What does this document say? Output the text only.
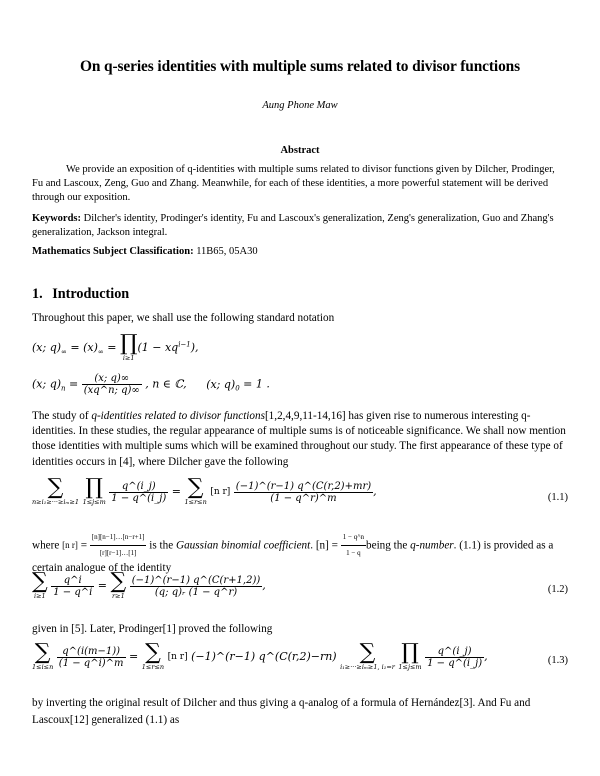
On q-series identities with multiple sums related to divisor functions
Aung Phone Maw
Abstract
We provide an exposition of q-identities with multiple sums related to divisor functions given by Dilcher, Prodinger, Fu and Lascoux, Zeng, Guo and Zhang. Meanwhile, for each of these identities, a more powerful statement will be derived through our exposition.
Keywords: Dilcher's identity, Prodinger's identity, Fu and Lascoux's generalization, Zeng's generalization, Guo and Zhang's generalization, Jackson integral.
Mathematics Subject Classification: 11B65, 05A30
1. Introduction
Throughout this paper, we shall use the following standard notation
(x; $q)_\infty = (x)_\infty$ = ∏
i≥1
$(1 - xq^{i-1})$,
(x; $q)_n = \frac{(x; q)\infty}{(xq\^{}n; q)\infty}$ , n ∈ ℂ, (x; $q)_0 = 1$ .
The study of q-identities related to divisor functions[1,2,4,9,11-14,16] has given rise to numerous interesting q-identities. In these studies, the regular appearance of multiple sums is of noticeable significance. We shall now mention those identities with multiple sums which will be examined throughout our study. The first appearance of these type of identities occurs in [4], where Dilcher gave the following
∑
n≥i₁≥···≥iₘ≥1

∏
1≤j≤m
$\frac{q\^{}(i\_j)}{1 - q\^{}(i\_j)}$ = ∑
1≤r≤n
[n $r] \frac{(-1)\^{}(r-1) q\^{}(C(r,2)+mr)}{(1 - q\^{}r)\^{}m}$ ,	(1.1)
where [n $r] = \frac{[n][n-1]\dots[n-r+1]}{[r][r-1]\dots[1]}$ is the Gaussian binomial coefficient. $[n] = \frac{1 - q\^{}n}{1 - q}$ being the q-number. (1.1) is provided as a certain analogue of the identity
∑
i≥1
$\frac{q\^{}i}{1 - q\^{}i}$ = ∑
r≥1
$\frac{(-1)\^{}(r-1) q\^{}(C(r+1,2))}{\text{(q; q)ᵣ (1 − q\textasciicircum{}r)}}$ ,	(1.2)
given in [5]. Later, Prodinger[1] proved the following
∑
1≤i≤n
$\frac{q\^{}(i(m-1))}{(1 - q\^{}i)\^{}m}$ = ∑
1≤r≤n
[n r] (−1)^(r−1) q^(C(r,2)−rn)	∑
i₁≥···≥iₘ≥1, i₁=r

∏
1≤j≤m
$\frac{q\^{}(i\_j)}{1 - q\^{}(i\_j)}$ ,	(1.3)
by inverting the original result of Dilcher and thus giving a q-analog of a formula of Hernández[3]. And Fu and Lascoux[12] generalized (1.1) as
